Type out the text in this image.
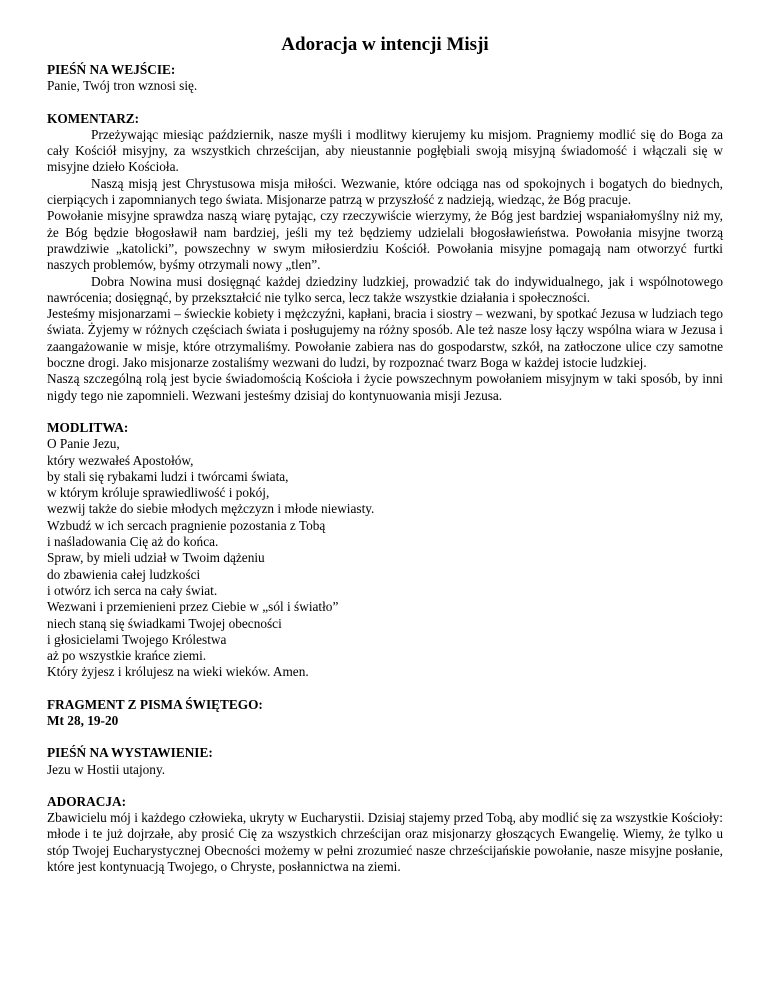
Adoracja w intencji Misji

PIEŚŃ NA WEJŚCIE:

Panie, Twój tron wznosi się.

KOMENTARZ:

Przeżywając miesiąc październik, nasze myśli i modlitwy kierujemy ku misjom. Pragniemy modlić się do Boga za cały Kościół misyjny, za wszystkich chrześcijan, aby nieustannie pogłębiali swoją misyjną świadomość i włączali się w misyjne dzieło Kościoła.

Naszą misją jest Chrystusowa misja miłości. Wezwanie, które odciąga nas od spokojnych i bogatych do biednych, cierpiących i zapomnianych tego świata. Misjonarze patrzą w przyszłość z nadzieją, wiedząc, że Bóg pracuje.

Powołanie misyjne sprawdza naszą wiarę pytając, czy rzeczywiście wierzymy, że Bóg jest bardziej wspaniałomyślny niż my, że Bóg będzie błogosławił nam bardziej, jeśli my też będziemy udzielali błogosławieństwa. Powołania misyjne tworzą prawdziwie „katolicki”, powszechny w swym miłosierdziu Kościół. Powołania misyjne pomagają nam otworzyć furtki naszych problemów, byśmy otrzymali nowy „tlen”.

Dobra Nowina musi dosięgnąć każdej dziedziny ludzkiej, prowadzić tak do indywidualnego, jak i wspólnotowego nawrócenia; dosięgnąć, by przekształcić nie tylko serca, lecz także wszystkie działania i społeczności.

Jesteśmy misjonarzami – świeckie kobiety i mężczyźni, kapłani, bracia i siostry – wezwani, by spotkać Jezusa w ludziach tego świata. Żyjemy w różnych częściach świata i posługujemy na różny sposób. Ale też nasze losy łączy wspólna wiara w Jezusa i zaangażowanie w misje, które otrzymaliśmy. Powołanie zabiera nas do gospodarstw, szkół, na zatłoczone ulice czy samotne boczne drogi. Jako misjonarze zostaliśmy wezwani do ludzi, by rozpoznać twarz Boga w każdej istocie ludzkiej.

Naszą szczególną rolą jest bycie świadomością Kościoła i życie powszechnym powołaniem misyjnym w taki sposób, by inni nigdy tego nie zapomnieli. Wezwani jesteśmy dzisiaj do kontynuowania misji Jezusa.

MODLITWA:

O Panie Jezu,

który wezwałeś Apostołów,

by stali się rybakami ludzi i twórcami świata,

w którym króluje sprawiedliwość i pokój,

wezwij także do siebie młodych mężczyzn i młode niewiasty.

Wzbudź w ich sercach pragnienie pozostania z Tobą

i naśladowania Cię aż do końca.

Spraw, by mieli udział w Twoim dążeniu

do zbawienia całej ludzkości

i otwórz ich serca na cały świat.

Wezwani i przemienieni przez Ciebie w „sól i światło”

niech staną się świadkami Twojej obecności

i głosicielami Twojego Królestwa

aż po wszystkie krańce ziemi.

Który żyjesz i królujesz na wieki wieków. Amen.

FRAGMENT Z PISMA ŚWIĘTEGO:

Mt 28, 19-20

PIEŚŃ NA WYSTAWIENIE:

Jezu w Hostii utajony.

ADORACJA:

Zbawicielu mój i każdego człowieka, ukryty w Eucharystii. Dzisiaj stajemy przed Tobą, aby modlić się za wszystkie Kościoły: młode i te już dojrzałe, aby prosić Cię za wszystkich chrześcijan oraz misjonarzy głoszących Ewangelię. Wiemy, że tylko u stóp Twojej Eucharystycznej Obecności możemy w pełni zrozumieć nasze chrześcijańskie powołanie, nasze misyjne posłanie, które jest kontynuacją Twojego, o Chryste, posłannictwa na ziemi.
